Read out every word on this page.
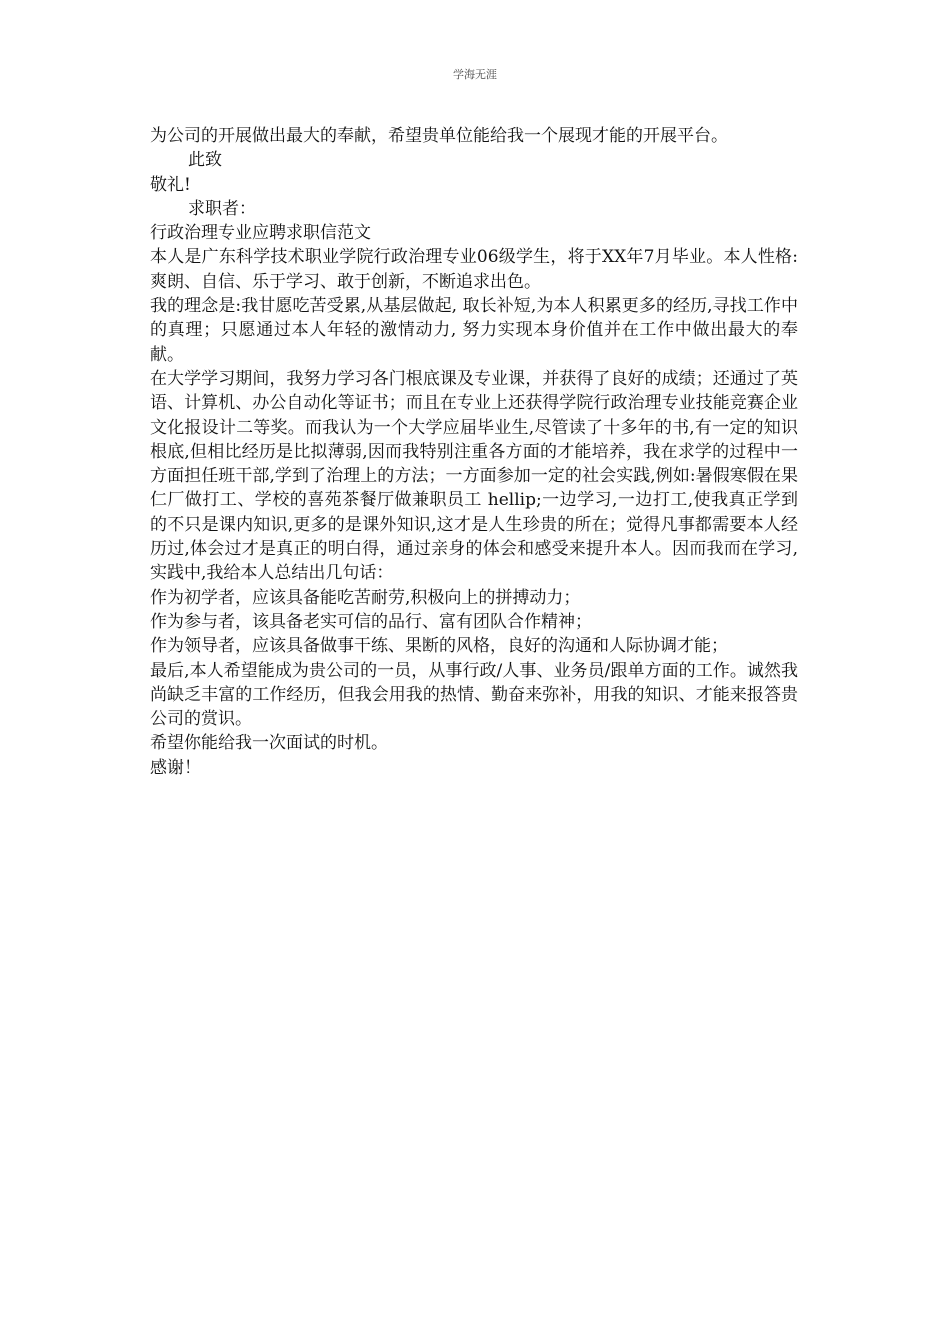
学海无涯

为公司的开展做出最大的奉献，希望贵单位能给我一个展现才能的开展平台。

此致

敬礼!

求职者：

行政治理专业应聘求职信范文

本人是广东科学技术职业学院行政治理专业06级学生，将于XX年7月毕业。本人性格: 爽朗、自信、乐于学习、敢于创新，不断追求出色。

我的理念是:我甘愿吃苦受累,从基层做起, 取长补短,为本人积累更多的经历,寻找工作中的真理；只愿通过本人年轻的激情动力, 努力实现本身价值并在工作中做出最大的奉献。

在大学学习期间，我努力学习各门根底课及专业课，并获得了良好的成绩；还通过了英语、计算机、办公自动化等证书；而且在专业上还获得学院行政治理专业技能竞赛企业文化报设计二等奖。而我认为一个大学应届毕业生,尽管读了十多年的书,有一定的知识根底,但相比经历是比拟薄弱,因而我特别注重各方面的才能培养，我在求学的过程中一方面担任班干部,学到了治理上的方法；一方面参加一定的社会实践,例如:暑假寒假在果仁厂做打工、学校的喜苑茶餐厅做兼职员工 hellip;一边学习,一边打工,使我真正学到的不只是课内知识,更多的是课外知识,这才是人生珍贵的所在；觉得凡事都需要本人经历过,体会过才是真正的明白得，通过亲身的体会和感受来提升本人。因而我而在学习,实践中,我给本人总结出几句话：

作为初学者，应该具备能吃苦耐劳,积极向上的拼搏动力；

作为参与者，该具备老实可信的品行、富有团队合作精神；

作为领导者，应该具备做事干练、果断的风格，良好的沟通和人际协调才能；

最后,本人希望能成为贵公司的一员，从事行政/人事、业务员/跟单方面的工作。诚然我尚缺乏丰富的工作经历，但我会用我的热情、勤奋来弥补，用我的知识、才能来报答贵公司的赏识。

希望你能给我一次面试的时机。

感谢！
